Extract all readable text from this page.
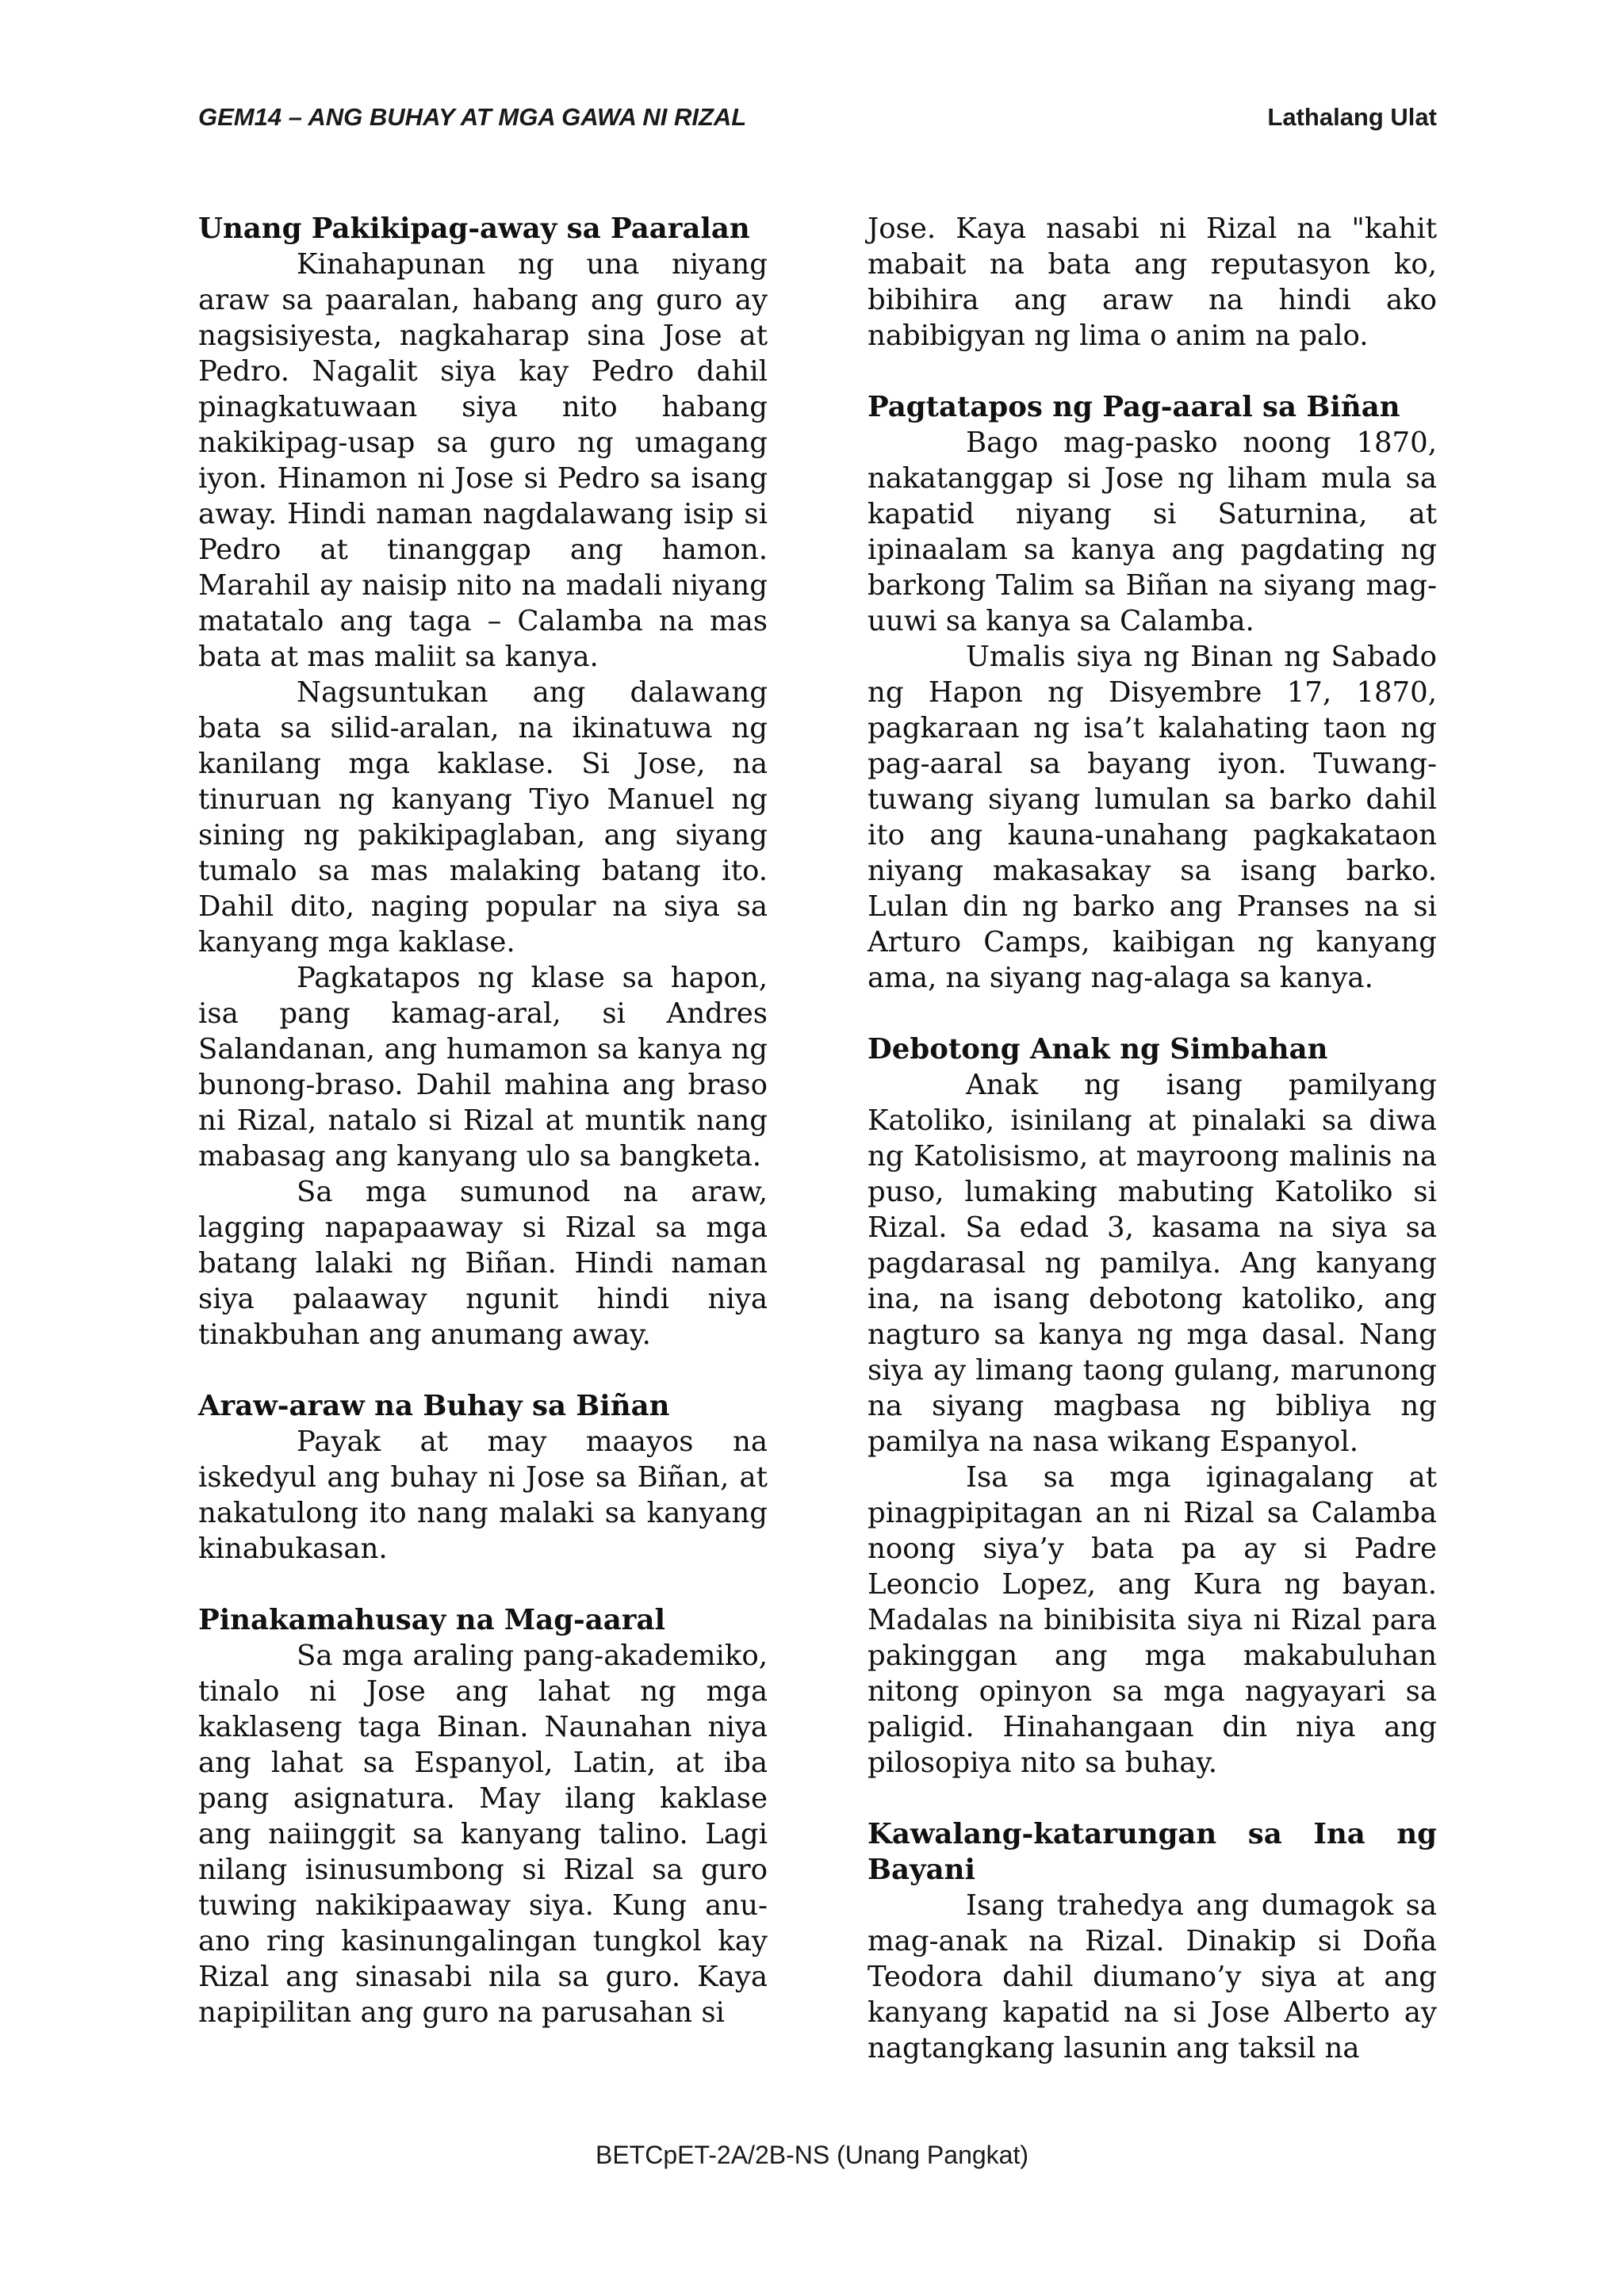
GEM14 – ANG BUHAY AT MGA GAWA NI RIZAL	Lathalang Ulat
Unang Pakikipag-away sa Paaralan

Kinahapunan ng una niyang araw sa paaralan, habang ang guro ay nagsisiyesta, nagkaharap sina Jose at Pedro. Nagalit siya kay Pedro dahil pinagkatuwaan siya nito habang nakikipag-usap sa guro ng umagang iyon. Hinamon ni Jose si Pedro sa isang away. Hindi naman nagdalawang isip si Pedro at tinanggap ang hamon. Marahil ay naisip nito na madali niyang matatalo ang taga – Calamba na mas bata at mas maliit sa kanya.

Nagsuntukan ang dalawang bata sa silid-aralan, na ikinatuwa ng kanilang mga kaklase. Si Jose, na tinuruan ng kanyang Tiyo Manuel ng sining ng pakikipaglaban, ang siyang tumalo sa mas malaking batang ito. Dahil dito, naging popular na siya sa kanyang mga kaklase.

Pagkatapos ng klase sa hapon, isa pang kamag-aral, si Andres Salandanan, ang humamon sa kanya ng bunong-braso. Dahil mahina ang braso ni Rizal, natalo si Rizal at muntik nang mabasag ang kanyang ulo sa bangketa.

Sa mga sumunod na araw, lagging napapaaway si Rizal sa mga batang lalaki ng Biñan. Hindi naman siya palaaway ngunit hindi niya tinakbuhan ang anumang away.

Araw-araw na Buhay sa Biñan

Payak at may maayos na iskedyul ang buhay ni Jose sa Biñan, at nakatulong ito nang malaki sa kanyang kinabukasan.

Pinakamahusay na Mag-aaral

Sa mga araling pang-akademiko, tinalo ni Jose ang lahat ng mga kaklaseng taga Binan. Naunahan niya ang lahat sa Espanyol, Latin, at iba pang asignatura. May ilang kaklase ang naiinggit sa kanyang talino. Lagi nilang isinusumbong si Rizal sa guro tuwing nakikipaaway siya. Kung anu-ano ring kasinungalingan tungkol kay Rizal ang sinasabi nila sa guro. Kaya napipilitan ang guro na parusahan si

Jose. Kaya nasabi ni Rizal na "kahit mabait na bata ang reputasyon ko, bibihira ang araw na hindi ako nabibigyan ng lima o anim na palo.

Pagtatapos ng Pag-aaral sa Biñan

Bago mag-pasko noong 1870, nakatanggap si Jose ng liham mula sa kapatid niyang si Saturnina, at ipinaalam sa kanya ang pagdating ng barkong Talim sa Biñan na siyang mag-uuwi sa kanya sa Calamba.

Umalis siya ng Binan ng Sabado ng Hapon ng Disyembre 17, 1870, pagkaraan ng isa’t kalahating taon ng pag-aaral sa bayang iyon. Tuwang-tuwang siyang lumulan sa barko dahil ito ang kauna-unahang pagkakataon niyang makasakay sa isang barko. Lulan din ng barko ang Pranses na si Arturo Camps, kaibigan ng kanyang ama, na siyang nag-alaga sa kanya.

Debotong Anak ng Simbahan

Anak ng isang pamilyang Katoliko, isinilang at pinalaki sa diwa ng Katolisismo, at mayroong malinis na puso, lumaking mabuting Katoliko si Rizal. Sa edad 3, kasama na siya sa pagdarasal ng pamilya. Ang kanyang ina, na isang debotong katoliko, ang nagturo sa kanya ng mga dasal. Nang siya ay limang taong gulang, marunong na siyang magbasa ng bibliya ng pamilya na nasa wikang Espanyol.

Isa sa mga iginagalang at pinagpipitagan an ni Rizal sa Calamba noong siya’y bata pa ay si Padre Leoncio Lopez, ang Kura ng bayan. Madalas na binibisita siya ni Rizal para pakinggan ang mga makabuluhan nitong opinyon sa mga nagyayari sa paligid. Hinahangaan din niya ang pilosopiya nito sa buhay.

Kawalang-katarungan sa Ina ng Bayani

Isang trahedya ang dumagok sa mag-anak na Rizal. Dinakip si Doña Teodora dahil diumano’y siya at ang kanyang kapatid na si Jose Alberto ay nagtangkang lasunin ang taksil na

BETCpET-2A/2B-NS (Unang Pangkat)
